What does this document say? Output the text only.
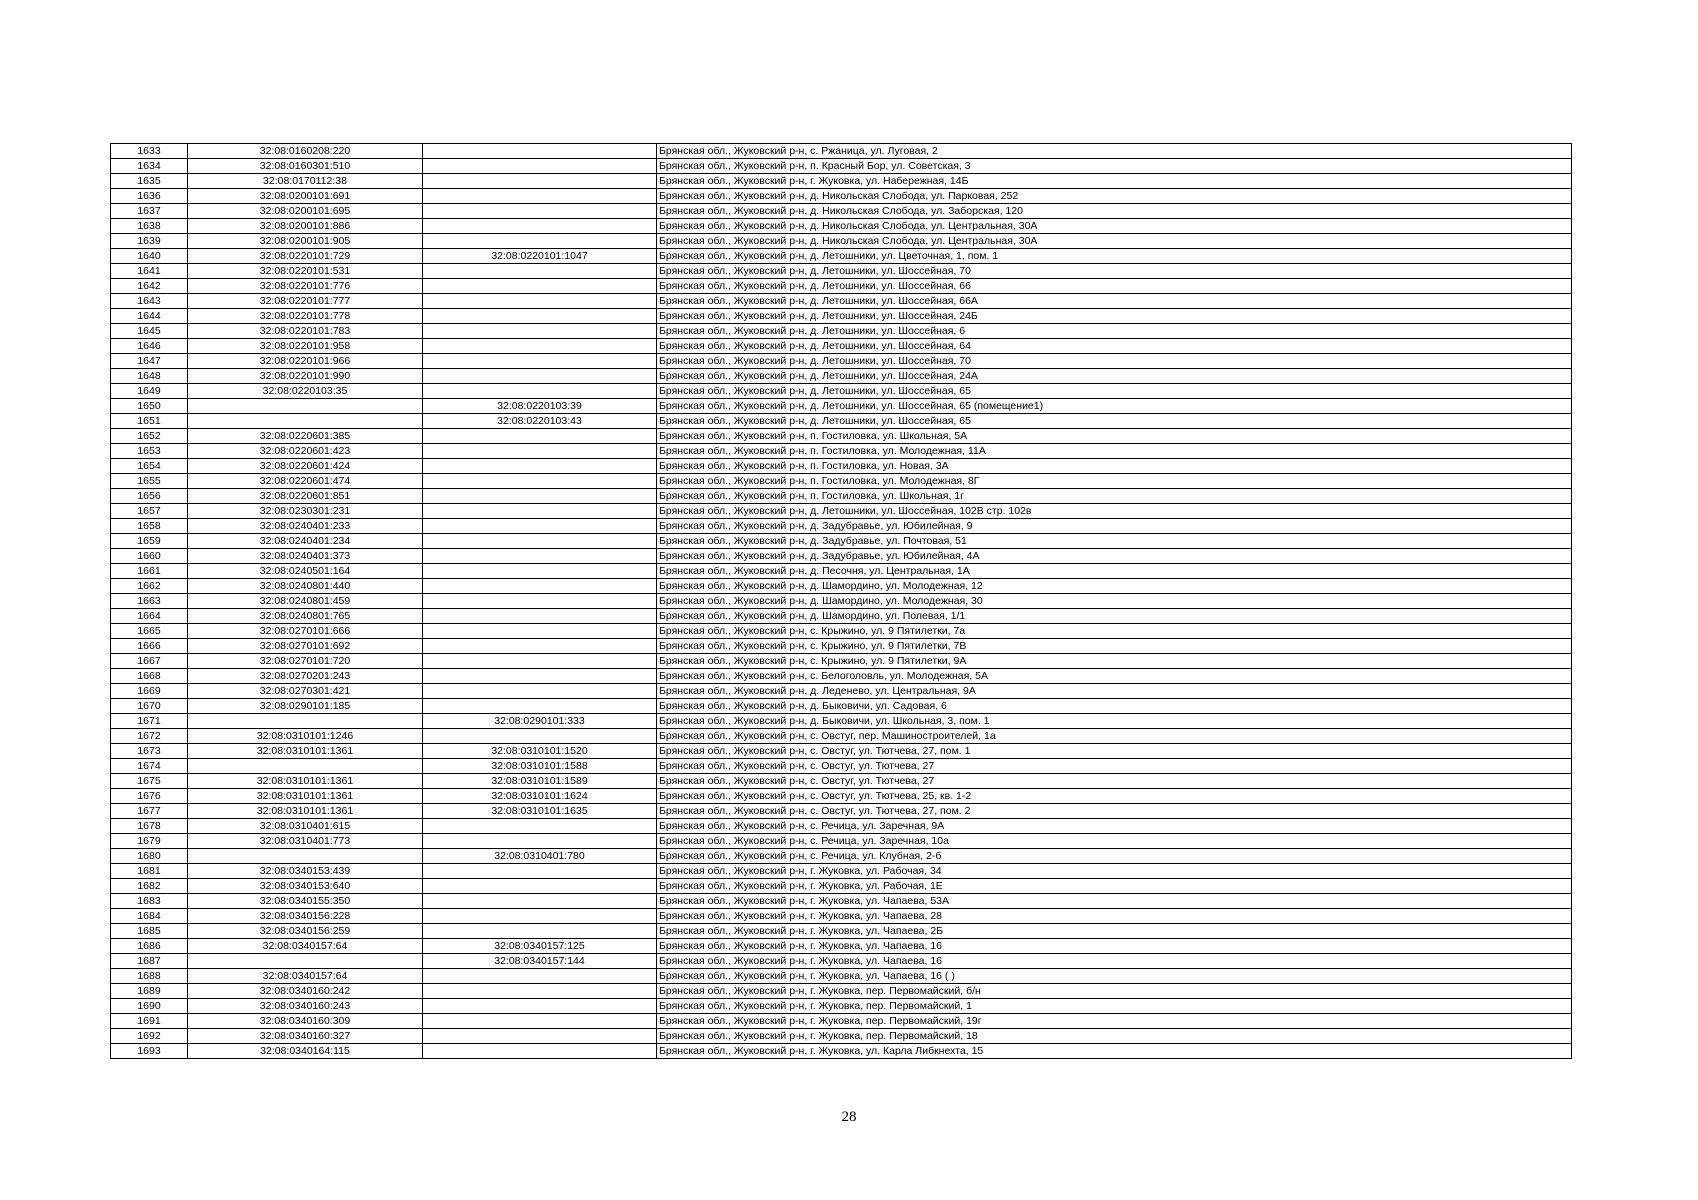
1633	32:08:0160208:220		Брянская обл., Жуковский р-н, с. Ржаница, ул. Луговая, 2
1634	32:08:0160301:510		Брянская обл., Жуковский р-н, п. Красный Бор, ул. Советская, 3
1635	32:08:0170112:38		Брянская обл., Жуковский р-н, г. Жуковка, ул. Набережная, 14Б
1636	32:08:0200101:691		Брянская обл., Жуковский р-н, д. Никольская Слобода, ул. Парковая, 252
1637	32:08:0200101:695		Брянская обл., Жуковский р-н, д. Никольская Слобода, ул. Заборская, 120
1638	32:08:0200101:886		Брянская обл., Жуковский р-н, д. Никольская Слобода, ул. Центральная, 30А
1639	32:08:0200101:905		Брянская обл., Жуковский р-н, д. Никольская Слобода, ул. Центральная, 30А
1640	32:08:0220101:729	32:08:0220101:1047	Брянская обл., Жуковский р-н, д. Летошники, ул. Цветочная, 1, пом. 1
1641	32:08:0220101:531		Брянская обл., Жуковский р-н, д. Летошники, ул. Шоссейная, 70
1642	32:08:0220101:776		Брянская обл., Жуковский р-н, д. Летошники, ул. Шоссейная, 66
1643	32:08:0220101:777		Брянская обл., Жуковский р-н, д. Летошники, ул. Шоссейная, 66А
1644	32:08:0220101:778		Брянская обл., Жуковский р-н, д. Летошники, ул. Шоссейная, 24Б
1645	32:08:0220101:783		Брянская обл., Жуковский р-н, д. Летошники, ул. Шоссейная, 6
1646	32:08:0220101:958		Брянская обл., Жуковский р-н, д. Летошники, ул. Шоссейная, 64
1647	32:08:0220101:966		Брянская обл., Жуковский р-н, д. Летошники, ул. Шоссейная, 70
1648	32:08:0220101:990		Брянская обл., Жуковский р-н, д. Летошники, ул. Шоссейная, 24А
1649	32:08:0220103:35		Брянская обл., Жуковский р-н, д. Летошники, ул. Шоссейная, 65
1650		32:08:0220103:39	Брянская обл., Жуковский р-н, д. Летошники, ул. Шоссейная, 65 (помещение1)
1651		32:08:0220103:43	Брянская обл., Жуковский р-н, д. Летошники, ул. Шоссейная, 65
1652	32:08:0220601:385		Брянская обл., Жуковский р-н, п. Гостиловка, ул. Школьная, 5А
1653	32:08:0220601:423		Брянская обл., Жуковский р-н, п. Гостиловка, ул. Молодежная, 11А
1654	32:08:0220601:424		Брянская обл., Жуковский р-н, п. Гостиловка, ул. Новая, 3А
1655	32:08:0220601:474		Брянская обл., Жуковский р-н, п. Гостиловка, ул. Молодежная, 8Г
1656	32:08:0220601:851		Брянская обл., Жуковский р-н, п. Гостиловка, ул. Школьная, 1г
1657	32:08:0230301:231		Брянская обл., Жуковский р-н, д. Летошники, ул. Шоссейная, 102В стр. 102в
1658	32:08:0240401:233		Брянская обл., Жуковский р-н, д. Задубравье, ул. Юбилейная, 9
1659	32:08:0240401:234		Брянская обл., Жуковский р-н, д. Задубравье, ул. Почтовая, 51
1660	32:08:0240401:373		Брянская обл., Жуковский р-н, д. Задубравье, ул. Юбилейная, 4А
1661	32:08:0240501:164		Брянская обл., Жуковский р-н, д. Песочня, ул. Центральная, 1А
1662	32:08:0240801:440		Брянская обл., Жуковский р-н, д. Шамордино, ул. Молодежная, 12
1663	32:08:0240801:459		Брянская обл., Жуковский р-н, д. Шамордино, ул. Молодежная, 30
1664	32:08:0240801:765		Брянская обл., Жуковский р-н, д. Шамордино, ул. Полевая, 1/1
1665	32:08:0270101:666		Брянская обл., Жуковский р-н, с. Крыжино, ул. 9 Пятилетки, 7а
1666	32:08:0270101:692		Брянская обл., Жуковский р-н, с. Крыжино, ул. 9 Пятилетки, 7В
1667	32:08:0270101:720		Брянская обл., Жуковский р-н, с. Крыжино, ул. 9 Пятилетки, 9А
1668	32:08:0270201:243		Брянская обл., Жуковский р-н, с. Белоголовль, ул. Молодежная, 5А
1669	32:08:0270301:421		Брянская обл., Жуковский р-н, д. Леденево, ул. Центральная, 9А
1670	32:08:0290101:185		Брянская обл., Жуковский р-н, д. Быковичи, ул. Садовая, 6
1671		32:08:0290101:333	Брянская обл., Жуковский р-н, д. Быковичи, ул. Школьная, 3, пом. 1
1672	32:08:0310101:1246		Брянская обл., Жуковский р-н, с. Овстуг, пер. Машиностроителей, 1а
1673	32:08:0310101:1361	32:08:0310101:1520	Брянская обл., Жуковский р-н, с. Овстуг, ул. Тютчева, 27, пом. 1
1674		32:08:0310101:1588	Брянская обл., Жуковский р-н, с. Овстуг, ул. Тютчева, 27
1675	32:08:0310101:1361	32:08:0310101:1589	Брянская обл., Жуковский р-н, с. Овстуг, ул. Тютчева, 27
1676	32:08:0310101:1361	32:08:0310101:1624	Брянская обл., Жуковский р-н, с. Овстуг, ул. Тютчева, 25, кв. 1-2
1677	32:08:0310101:1361	32:08:0310101:1635	Брянская обл., Жуковский р-н, с. Овстуг, ул. Тютчева, 27, пом. 2
1678	32:08:0310401:615		Брянская обл., Жуковский р-н, с. Речица, ул. Заречная, 9А
1679	32:08:0310401:773		Брянская обл., Жуковский р-н, с. Речица, ул. Заречная, 10а
1680		32:08:0310401:780	Брянская обл., Жуковский р-н, с. Речица, ул. Клубная, 2-б
1681	32:08:0340153:439		Брянская обл., Жуковский р-н, г. Жуковка, ул. Рабочая, 34
1682	32:08:0340153:640		Брянская обл., Жуковский р-н, г. Жуковка, ул. Рабочая, 1Е
1683	32:08:0340155:350		Брянская обл., Жуковский р-н, г. Жуковка, ул. Чапаева, 53А
1684	32:08:0340156:228		Брянская обл., Жуковский р-н, г. Жуковка, ул. Чапаева, 28
1685	32:08:0340156:259		Брянская обл., Жуковский р-н, г. Жуковка, ул. Чапаева, 2Б
1686	32:08:0340157:64	32:08:0340157:125	Брянская обл., Жуковский р-н, г. Жуковка, ул. Чапаева, 16
1687		32:08:0340157:144	Брянская обл., Жуковский р-н, г. Жуковка, ул. Чапаева, 16
1688	32:08:0340157:64		Брянская обл., Жуковский р-н, г. Жуковка, ул. Чапаева, 16 ( )
1689	32:08:0340160:242		Брянская обл., Жуковский р-н, г. Жуковка, пер. Первомайский, б/н
1690	32:08:0340160:243		Брянская обл., Жуковский р-н, г. Жуковка, пер. Первомайский, 1
1691	32:08:0340160:309		Брянская обл., Жуковский р-н, г. Жуковка, пер. Первомайский, 19г
1692	32:08:0340160:327		Брянская обл., Жуковский р-н, г. Жуковка, пер. Первомайский, 18
1693	32:08:0340164:115		Брянская обл., Жуковский р-н, г. Жуковка, ул. Карла Либкнехта, 15
28
